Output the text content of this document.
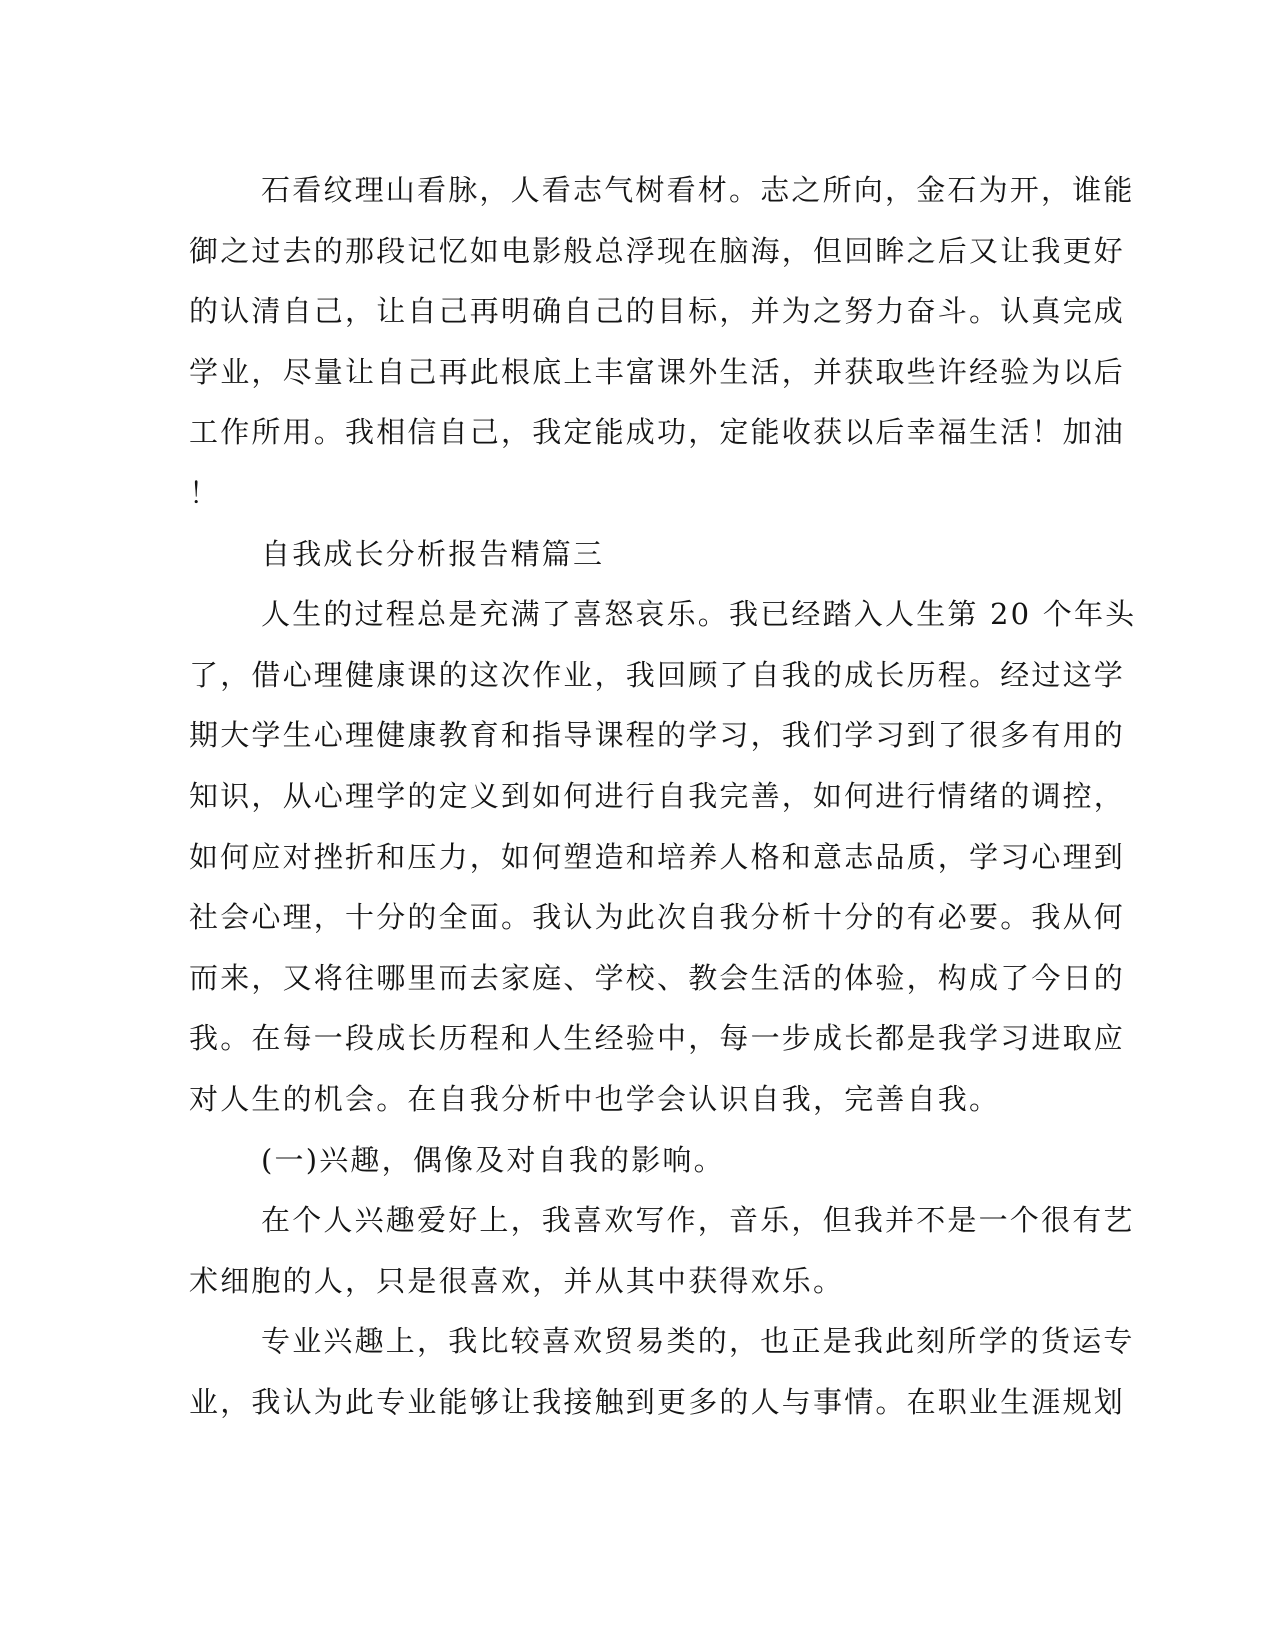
石看纹理山看脉，人看志气树看材。志之所向，金石为开，谁能
御之过去的那段记忆如电影般总浮现在脑海，但回眸之后又让我更好
的认清自己，让自己再明确自己的目标，并为之努力奋斗。认真完成
学业，尽量让自己再此根底上丰富课外生活，并获取些许经验为以后
工作所用。我相信自己，我定能成功，定能收获以后幸福生活！加油
！
自我成长分析报告精篇三
人生的过程总是充满了喜怒哀乐。我已经踏入人生第 20 个年头
了，借心理健康课的这次作业，我回顾了自我的成长历程。经过这学
期大学生心理健康教育和指导课程的学习，我们学习到了很多有用的
知识，从心理学的定义到如何进行自我完善，如何进行情绪的调控，
如何应对挫折和压力，如何塑造和培养人格和意志品质，学习心理到
社会心理，十分的全面。我认为此次自我分析十分的有必要。我从何
而来，又将往哪里而去家庭、学校、教会生活的体验，构成了今日的
我。在每一段成长历程和人生经验中，每一步成长都是我学习进取应
对人生的机会。在自我分析中也学会认识自我，完善自我。
(一)兴趣，偶像及对自我的影响。
在个人兴趣爱好上，我喜欢写作，音乐，但我并不是一个很有艺
术细胞的人，只是很喜欢，并从其中获得欢乐。
专业兴趣上，我比较喜欢贸易类的，也正是我此刻所学的货运专
业，我认为此专业能够让我接触到更多的人与事情。在职业生涯规划
